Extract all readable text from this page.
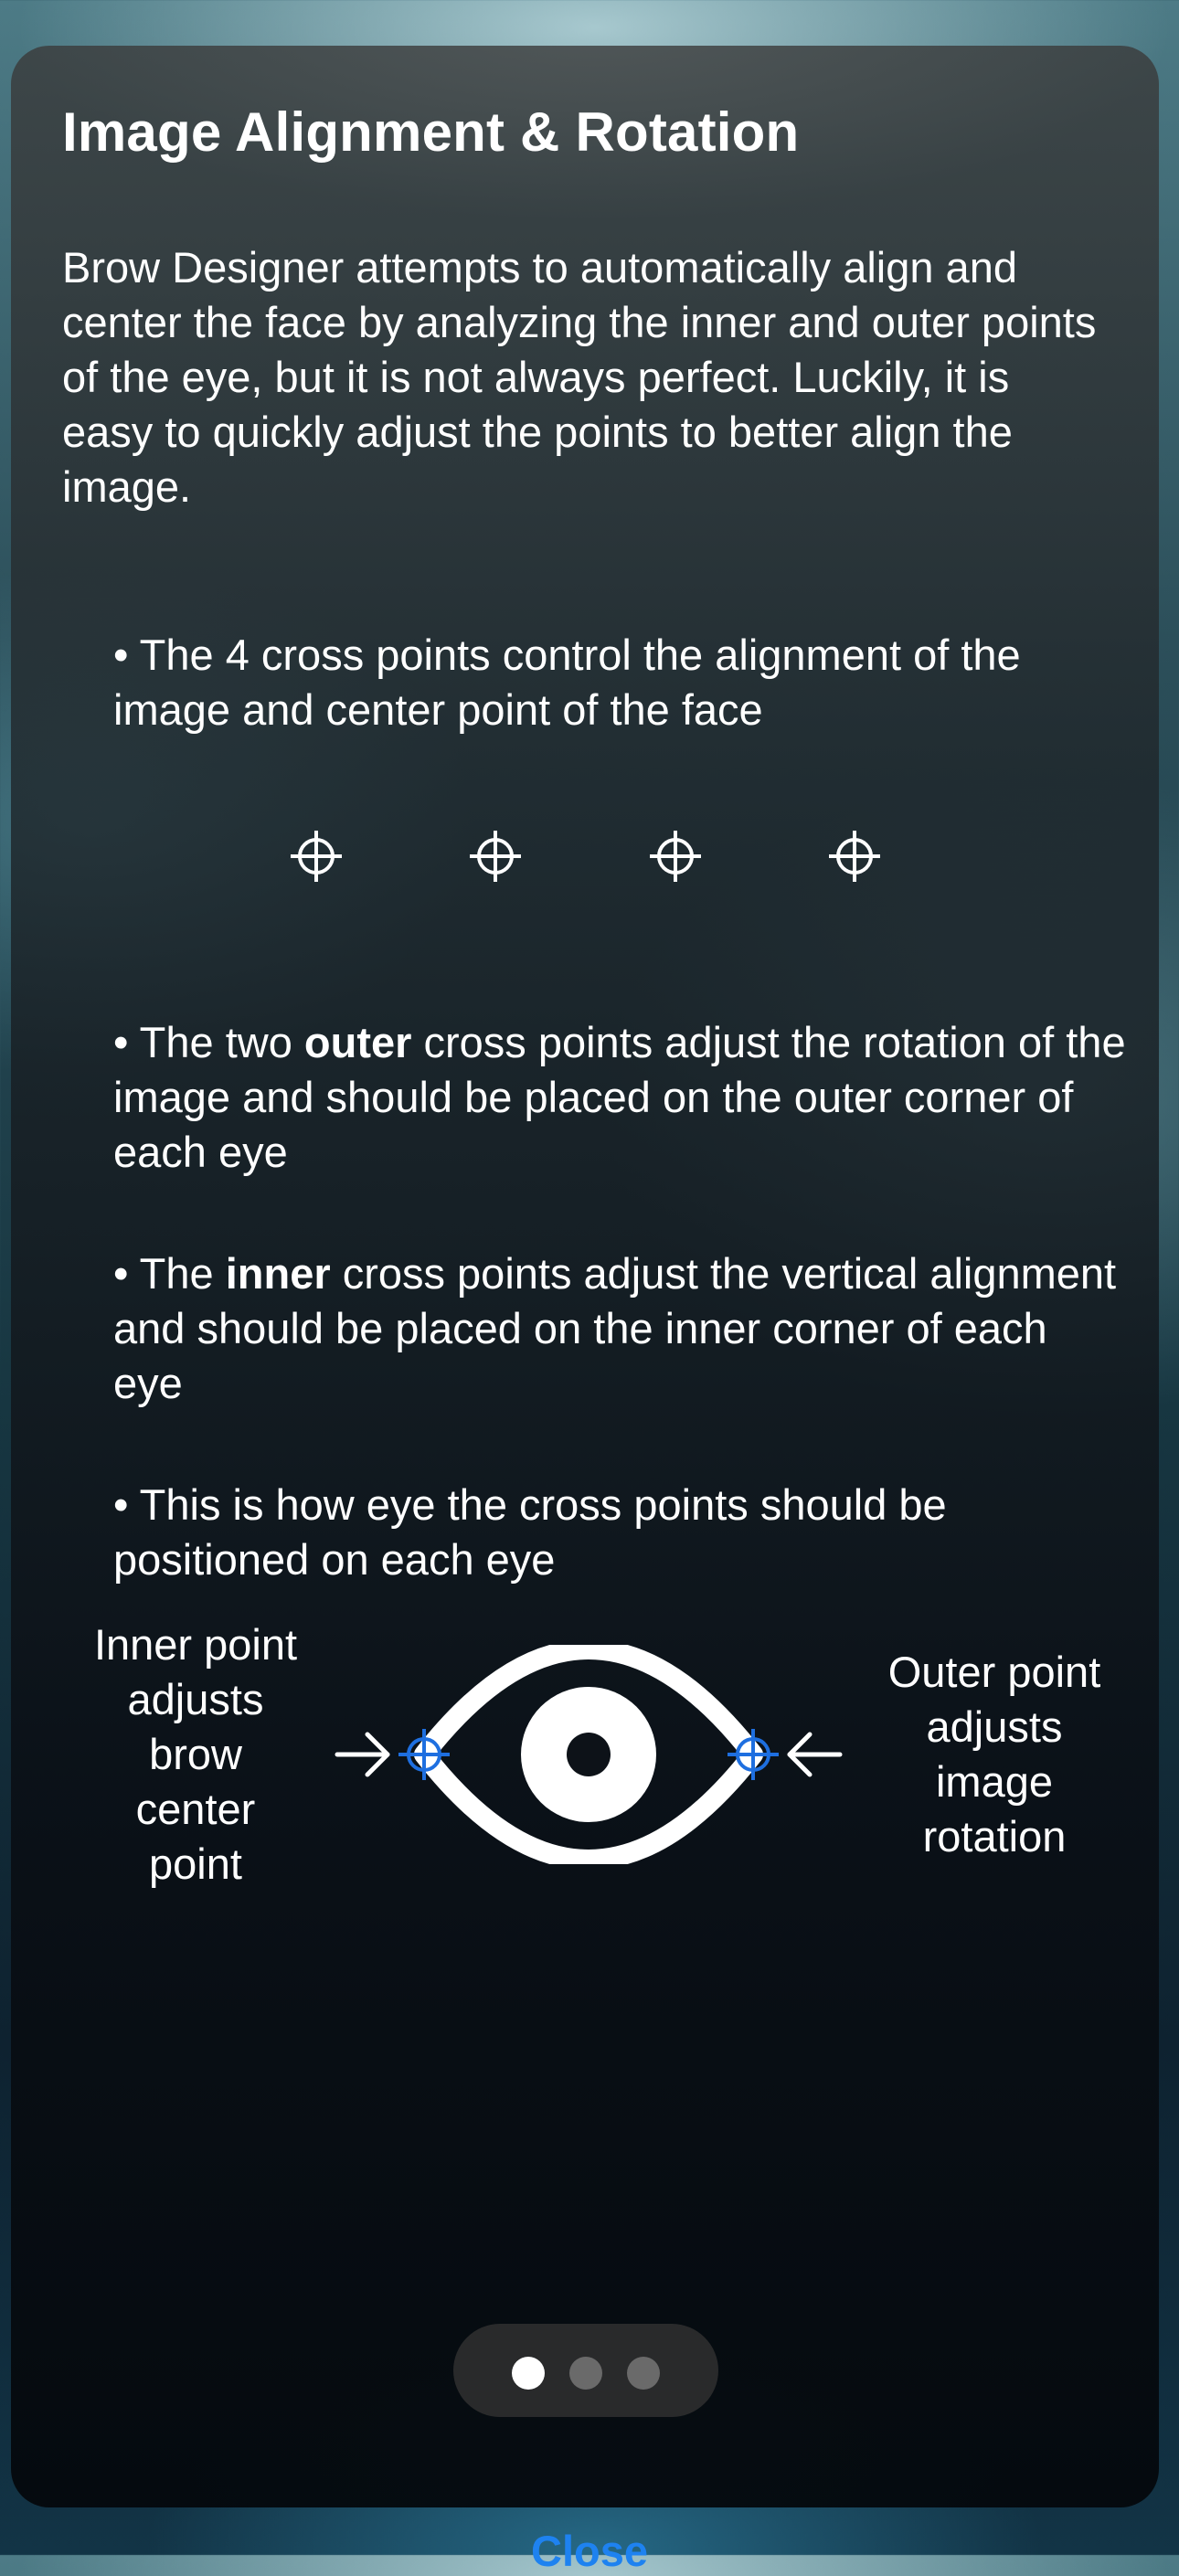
Image Alignment & Rotation

Brow Designer attempts to automatically align and center the face by analyzing the inner and outer points of the eye, but it is not always perfect. Luckily, it is easy to quickly adjust the points to better align the image.

• The 4 cross points control the alignment of the image and center point of the face

• The two outer cross points adjust the rotation of the image and should be placed on the outer corner of each eye

• The inner cross points adjust the vertical alignment and should be placed on the inner corner of each eye

• This is how eye the cross points should be positioned on each eye

Inner point
adjusts
brow
center
point

Outer point
adjusts
image
rotation

Close
